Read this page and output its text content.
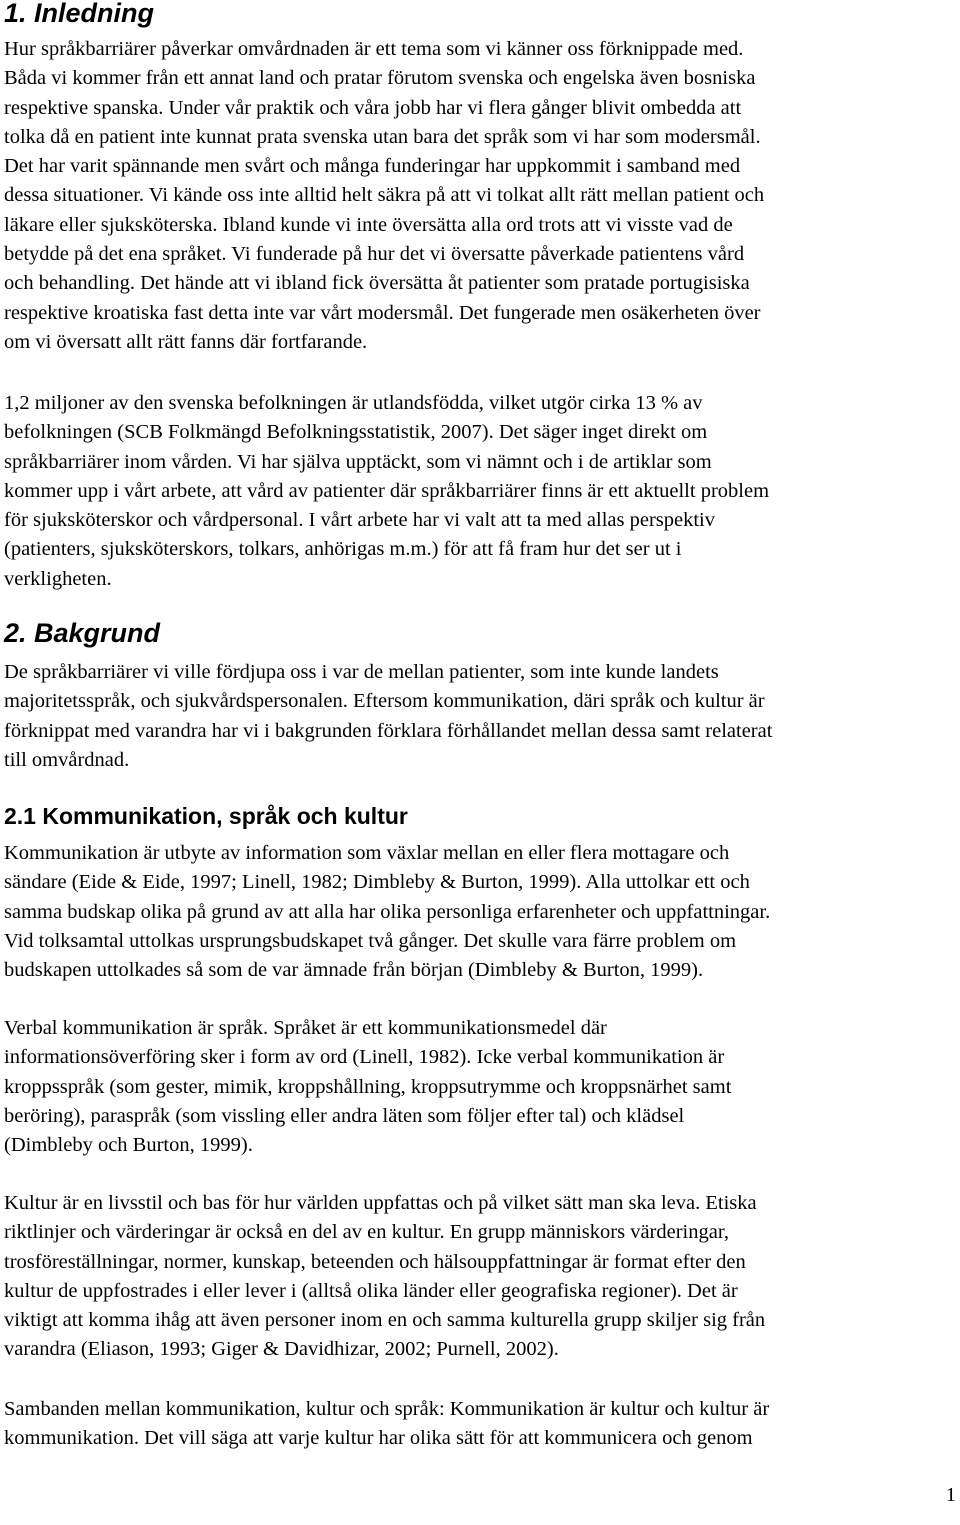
1. Inledning
Hur språkbarriärer påverkar omvårdnaden är ett tema som vi känner oss förknippade med.
Båda vi kommer från ett annat land och pratar förutom svenska och engelska även bosniska
respektive spanska. Under vår praktik och våra jobb har vi flera gånger blivit ombedda att
tolka då en patient inte kunnat prata svenska utan bara det språk som vi har som modersmål.
Det har varit spännande men svårt och många funderingar har uppkommit i samband med
dessa situationer. Vi kände oss inte alltid helt säkra på att vi tolkat allt rätt mellan patient och
läkare eller sjuksköterska. Ibland kunde vi inte översätta alla ord trots att vi visste vad de
betydde på det ena språket. Vi funderade på hur det vi översatte påverkade patientens vård
och behandling. Det hände att vi ibland fick översätta åt patienter som pratade portugisiska
respektive kroatiska fast detta inte var vårt modersmål. Det fungerade men osäkerheten över
om vi översatt allt rätt fanns där fortfarande.
1,2 miljoner av den svenska befolkningen är utlandsfödda, vilket utgör cirka 13 % av
befolkningen (SCB Folkmängd Befolkningsstatistik, 2007). Det säger inget direkt om
språkbarriärer inom vården. Vi har själva upptäckt, som vi nämnt och i de artiklar som
kommer upp i vårt arbete, att vård av patienter där språkbarriärer finns är ett aktuellt problem
för sjuksköterskor och vårdpersonal. I vårt arbete har vi valt att ta med allas perspektiv
(patienters, sjuksköterskors, tolkars, anhörigas m.m.) för att få fram hur det ser ut i
verkligheten.
2. Bakgrund
De språkbarriärer vi ville fördjupa oss i var de mellan patienter, som inte kunde landets
majoritetsspråk, och sjukvårdspersonalen. Eftersom kommunikation, däri språk och kultur är
förknippat med varandra har vi i bakgrunden förklara förhållandet mellan dessa samt relaterat
till omvårdnad.
2.1 Kommunikation, språk och kultur
Kommunikation är utbyte av information som växlar mellan en eller flera mottagare och
sändare (Eide & Eide, 1997; Linell, 1982; Dimbleby & Burton, 1999). Alla uttolkar ett och
samma budskap olika på grund av att alla har olika personliga erfarenheter och uppfattningar.
Vid tolksamtal uttolkas ursprungsbudskapet två gånger. Det skulle vara färre problem om
budskapen uttolkades så som de var ämnade från början (Dimbleby & Burton, 1999).
Verbal kommunikation är språk. Språket är ett kommunikationsmedel där
informationsöverföring sker i form av ord (Linell, 1982). Icke verbal kommunikation är
kroppsspråk (som gester, mimik, kroppshållning, kroppsutrymme och kroppsnärhet samt
beröring), paraspråk (som vissling eller andra läten som följer efter tal) och klädsel
(Dimbleby och Burton, 1999).
Kultur är en livsstil och bas för hur världen uppfattas och på vilket sätt man ska leva. Etiska
riktlinjer och värderingar är också en del av en kultur. En grupp människors värderingar,
trosföreställningar, normer, kunskap, beteenden och hälsouppfattningar är format efter den
kultur de uppfostrades i eller lever i (alltså olika länder eller geografiska regioner). Det är
viktigt att komma ihåg att även personer inom en och samma kulturella grupp skiljer sig från
varandra (Eliason, 1993; Giger & Davidhizar, 2002; Purnell, 2002).
Sambanden mellan kommunikation, kultur och språk: Kommunikation är kultur och kultur är
kommunikation. Det vill säga att varje kultur har olika sätt för att kommunicera och genom
1
